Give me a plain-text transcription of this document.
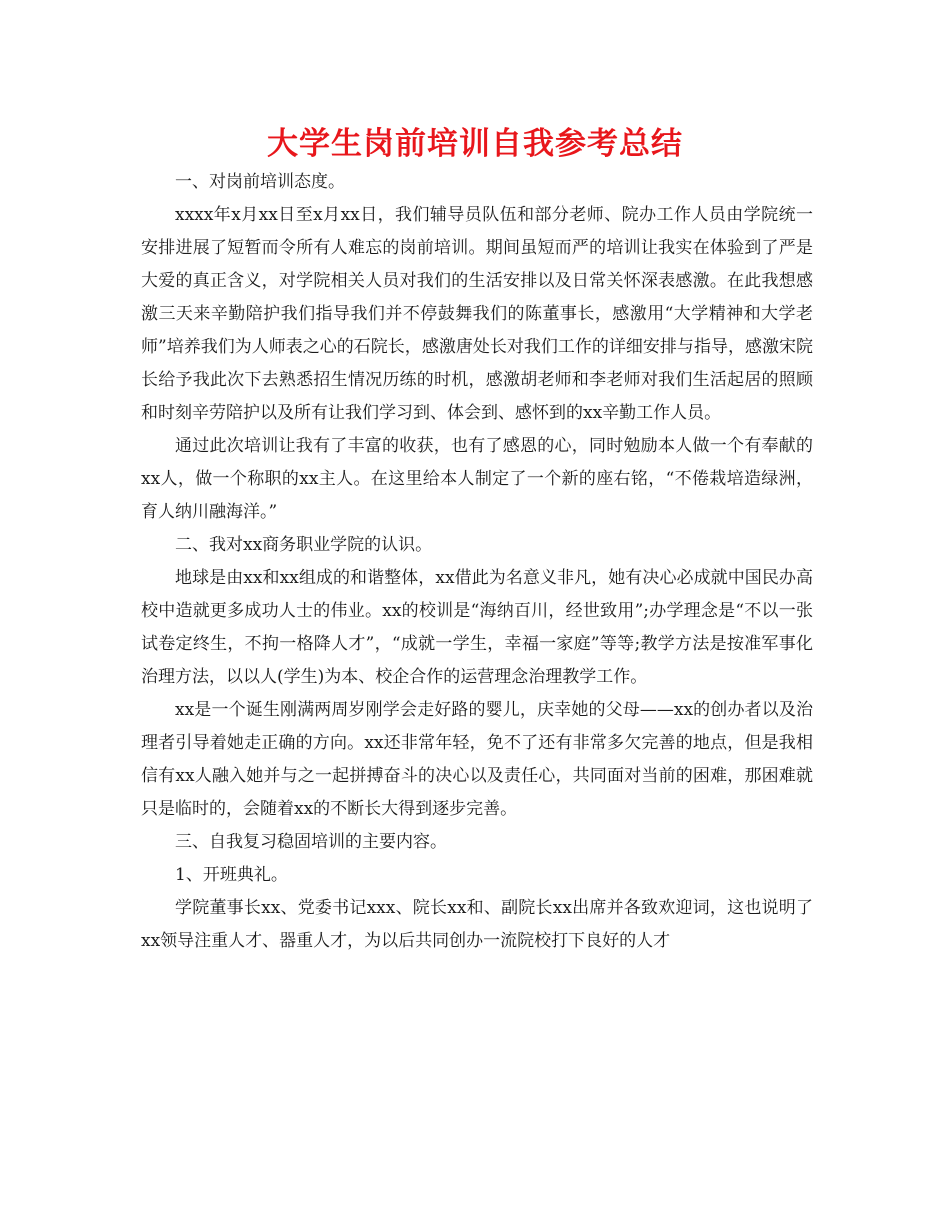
大学生岗前培训自我参考总结

一、对岗前培训态度。

xxxx年x月xx日至x月xx日，我们辅导员队伍和部分老师、院办工作人员由学院统一安排进展了短暂而令所有人难忘的岗前培训。期间虽短而严的培训让我实在体验到了严是大爱的真正含义，对学院相关人员对我们的生活安排以及日常关怀深表感激。在此我想感激三天来辛勤陪护我们指导我们并不停鼓舞我们的陈董事长，感激用“大学精神和大学老师”培养我们为人师表之心的石院长，感激唐处长对我们工作的详细安排与指导，感激宋院长给予我此次下去熟悉招生情况历练的时机，感激胡老师和李老师对我们生活起居的照顾和时刻辛劳陪护以及所有让我们学习到、体会到、感怀到的xx辛勤工作人员。

通过此次培训让我有了丰富的收获，也有了感恩的心，同时勉励本人做一个有奉献的xx人，做一个称职的xx主人。在这里给本人制定了一个新的座右铭，“不倦栽培造绿洲，育人纳川融海洋。”

二、我对xx商务职业学院的认识。

地球是由xx和xx组成的和谐整体，xx借此为名意义非凡，她有决心必成就中国民办高校中造就更多成功人士的伟业。xx的校训是“海纳百川，经世致用”;办学理念是“不以一张试卷定终生，不拘一格降人才”，“成就一学生，幸福一家庭”等等;教学方法是按准军事化治理方法，以以人(学生)为本、校企合作的运营理念治理教学工作。

xx是一个诞生刚满两周岁刚学会走好路的婴儿，庆幸她的父母——xx的创办者以及治理者引导着她走正确的方向。xx还非常年轻，免不了还有非常多欠完善的地点，但是我相信有xx人融入她并与之一起拼搏奋斗的决心以及责任心，共同面对当前的困难，那困难就只是临时的，会随着xx的不断长大得到逐步完善。

三、自我复习稳固培训的主要内容。

1、开班典礼。

学院董事长xx、党委书记xxx、院长xx和、副院长xx出席并各致欢迎词，这也说明了xx领导注重人才、器重人才，为以后共同创办一流院校打下良好的人才
